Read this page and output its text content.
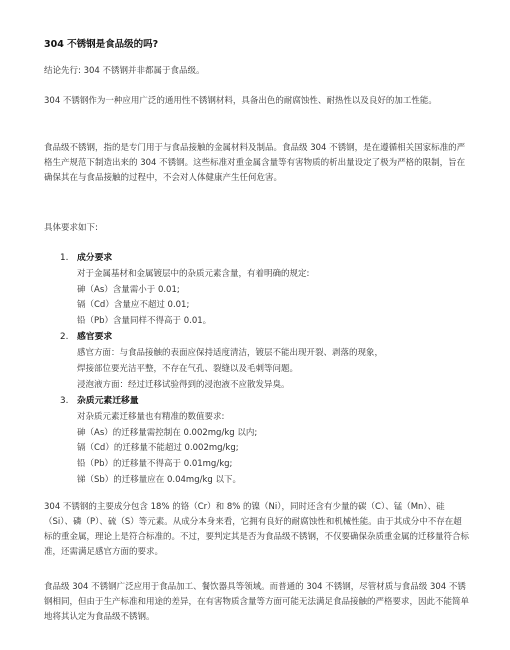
304 不锈钢是食品级的吗?

结论先行: 304 不锈钢并非都属于食品级。

304 不锈钢作为一种应用广泛的通用性不锈钢材料，具备出色的耐腐蚀性、耐热性以及良好的加工性能。

食品级不锈钢，指的是专门用于与食品接触的金属材料及制品。食品级 304 不锈钢，是在遵循相关国家标准的严格生产规范下制造出来的 304 不锈钢。这些标准对重金属含量等有害物质的析出量设定了极为严格的限制，旨在确保其在与食品接触的过程中，不会对人体健康产生任何危害。

具体要求如下:

1. 成分要求
对于金属基材和金属镀层中的杂质元素含量，有着明确的规定:
砷（As）含量需小于 0.01;
镉（Cd）含量应不超过 0.01;
铅（Pb）含量同样不得高于 0.01。
2. 感官要求
感官方面：与食品接触的表面应保持适度清洁，镀层不能出现开裂、剥落的现象，
焊接部位要光洁平整，不存在气孔、裂缝以及毛刺等问题。
浸泡液方面：经过迁移试验得到的浸泡液不应散发异臭。
3. 杂质元素迁移量
对杂质元素迁移量也有精准的数值要求:
砷（As）的迁移量需控制在 0.002mg/kg 以内;
镉（Cd）的迁移量不能超过 0.002mg/kg;
铅（Pb）的迁移量不得高于 0.01mg/kg;
锑（Sb）的迁移量应在 0.04mg/kg 以下。

304 不锈钢的主要成分包含 18% 的铬（Cr）和 8% 的镍（Ni），同时还含有少量的碳（C）、锰（Mn）、硅（Si）、磷（P）、硫（S）等元素。从成分本身来看，它拥有良好的耐腐蚀性和机械性能。由于其成分中不存在超标的重金属，理论上是符合标准的。不过，要判定其是否为食品级不锈钢，不仅要确保杂质重金属的迁移量符合标准，还需满足感官方面的要求。

食品级 304 不锈钢广泛应用于食品加工、餐饮器具等领域。而普通的 304 不锈钢，尽管材质与食品级 304 不锈钢相同，但由于生产标准和用途的差异，在有害物质含量等方面可能无法满足食品接触的严格要求，因此不能简单地将其认定为食品级不锈钢。
